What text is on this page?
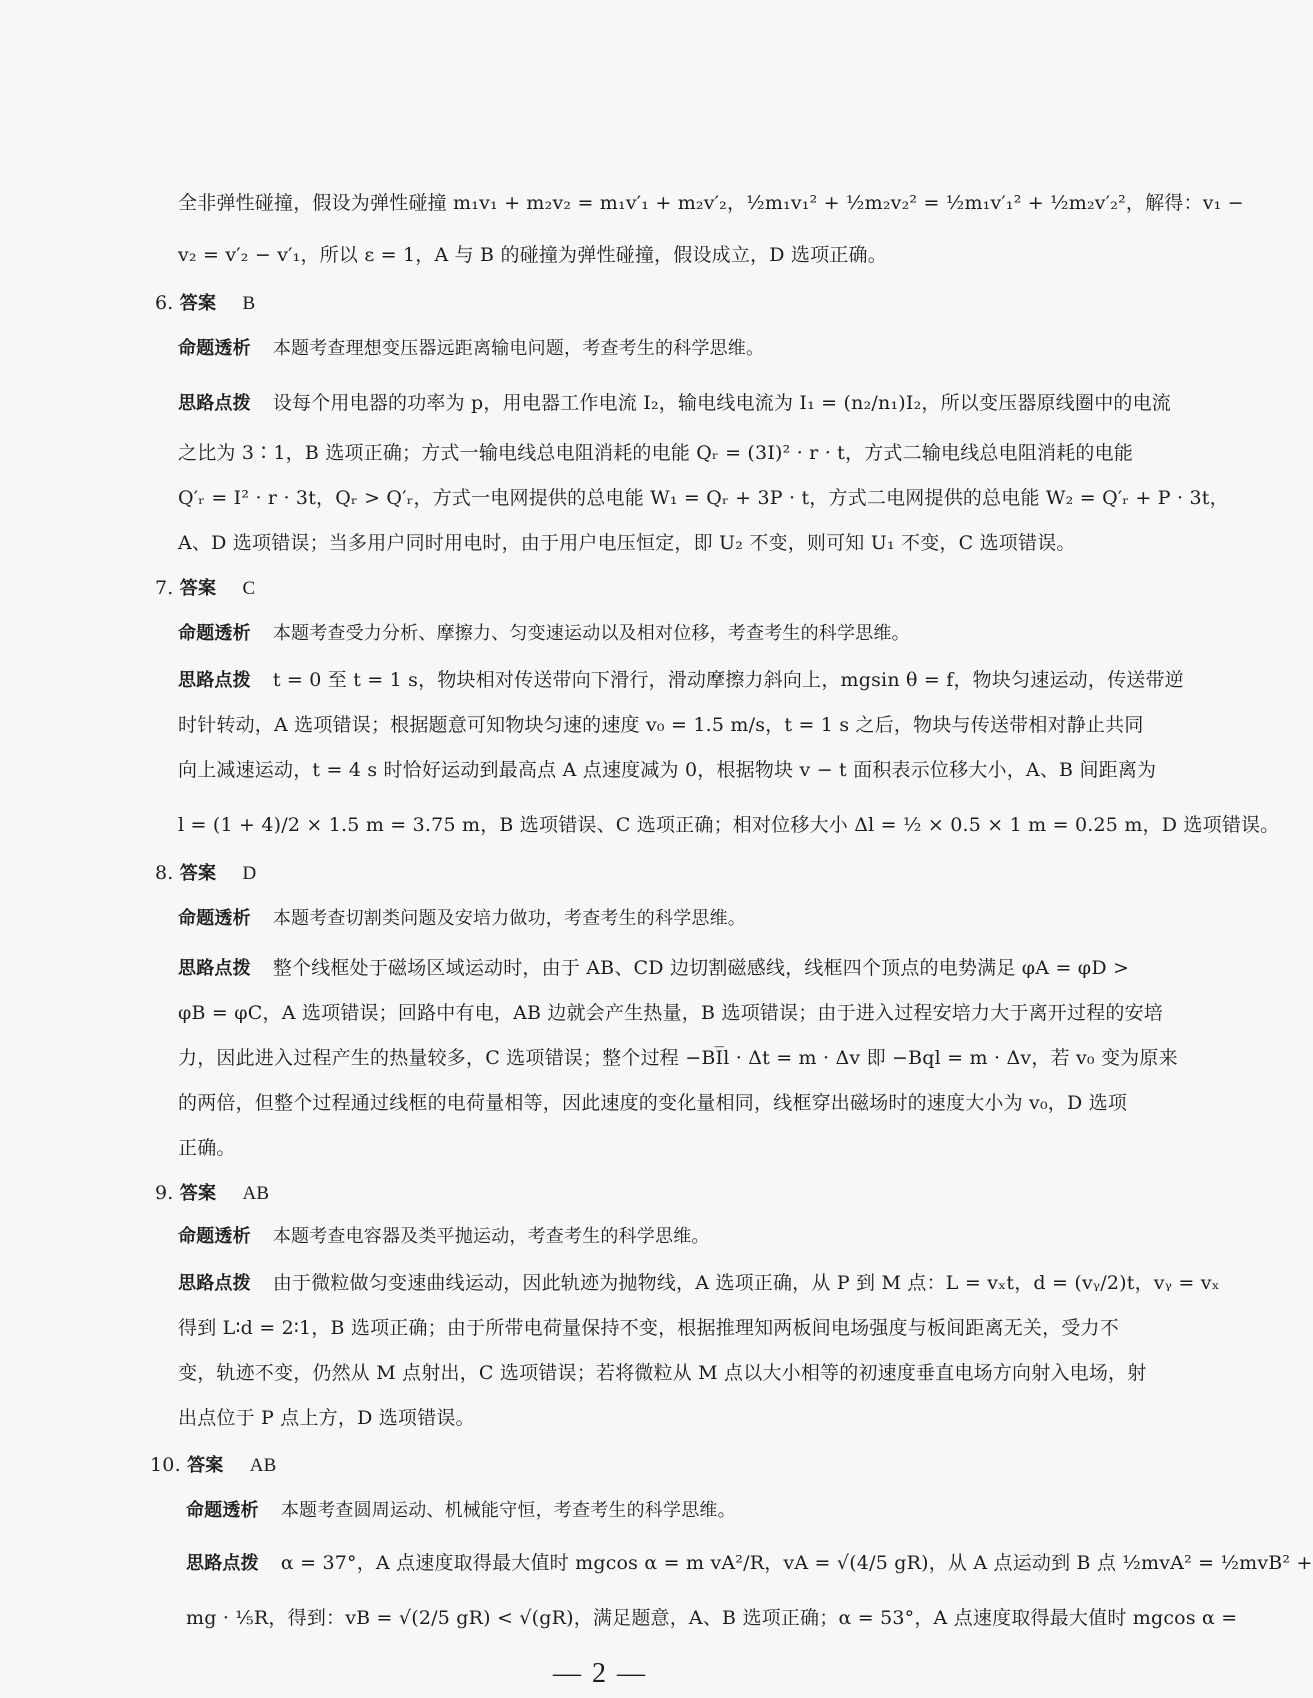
全非弹性碰撞，假设为弹性碰撞 m₁v₁ + m₂v₂ = m₁v′₁ + m₂v′₂，½m₁v₁² + ½m₂v₂² = ½m₁v′₁² + ½m₂v′₂²，解得：v₁ −
v₂ = v′₂ − v′₁，所以 ε = 1，A 与 B 的碰撞为弹性碰撞，假设成立，D 选项正确。
6. 答案 B
命题透析 本题考查理想变压器远距离输电问题，考查考生的科学思维。
思路点拨 设每个用电器的功率为 p，用电器工作电流 I₂，输电线电流为 I₁ = (n₂/n₁)I₂，所以变压器原线圈中的电流
之比为 3∶1，B 选项正确；方式一输电线总电阻消耗的电能 Qᵣ = (3I)² · r · t，方式二输电线总电阻消耗的电能
Q′ᵣ = I² · r · 3t，Qᵣ > Q′ᵣ，方式一电网提供的总电能 W₁ = Qᵣ + 3P · t，方式二电网提供的总电能 W₂ = Q′ᵣ + P · 3t，
A、D 选项错误；当多用户同时用电时，由于用户电压恒定，即 U₂ 不变，则可知 U₁ 不变，C 选项错误。
7. 答案 C
命题透析 本题考查受力分析、摩擦力、匀变速运动以及相对位移，考查考生的科学思维。
思路点拨 t = 0 至 t = 1 s，物块相对传送带向下滑行，滑动摩擦力斜向上，mgsin θ = f，物块匀速运动，传送带逆
时针转动，A 选项错误；根据题意可知物块匀速的速度 v₀ = 1.5 m/s，t = 1 s 之后，物块与传送带相对静止共同
向上减速运动，t = 4 s 时恰好运动到最高点 A 点速度减为 0，根据物块 v − t 面积表示位移大小，A、B 间距离为
l = (1 + 4)/2 × 1.5 m = 3.75 m，B 选项错误、C 选项正确；相对位移大小 Δl = ½ × 0.5 × 1 m = 0.25 m，D 选项错误。
8. 答案 D
命题透析 本题考查切割类问题及安培力做功，考查考生的科学思维。
思路点拨 整个线框处于磁场区域运动时，由于 AB、CD 边切割磁感线，线框四个顶点的电势满足 φA = φD >
φB = φC，A 选项错误；回路中有电，AB 边就会产生热量，B 选项错误；由于进入过程安培力大于离开过程的安培
力，因此进入过程产生的热量较多，C 选项错误；整个过程 −BI̅l · Δt = m · Δv 即 −Bql = m · Δv，若 v₀ 变为原来
的两倍，但整个过程通过线框的电荷量相等，因此速度的变化量相同，线框穿出磁场时的速度大小为 v₀，D 选项
正确。
9. 答案 AB
命题透析 本题考查电容器及类平抛运动，考查考生的科学思维。
思路点拨 由于微粒做匀变速曲线运动，因此轨迹为抛物线，A 选项正确，从 P 到 M 点：L = vₓt，d = (vᵧ/2)t，vᵧ = vₓ
得到 L∶d = 2∶1，B 选项正确；由于所带电荷量保持不变，根据推理知两板间电场强度与板间距离无关，受力不
变，轨迹不变，仍然从 M 点射出，C 选项错误；若将微粒从 M 点以大小相等的初速度垂直电场方向射入电场，射
出点位于 P 点上方，D 选项错误。
10. 答案 AB
命题透析 本题考查圆周运动、机械能守恒，考查考生的科学思维。
思路点拨 α = 37°，A 点速度取得最大值时 mgcos α = m vA²/R，vA = √(4/5 gR)，从 A 点运动到 B 点 ½mvA² = ½mvB² +
mg · ⅕R，得到：vB = √(2/5 gR) < √(gR)，满足题意，A、B 选项正确；α = 53°，A 点速度取得最大值时 mgcos α =
— 2 —
